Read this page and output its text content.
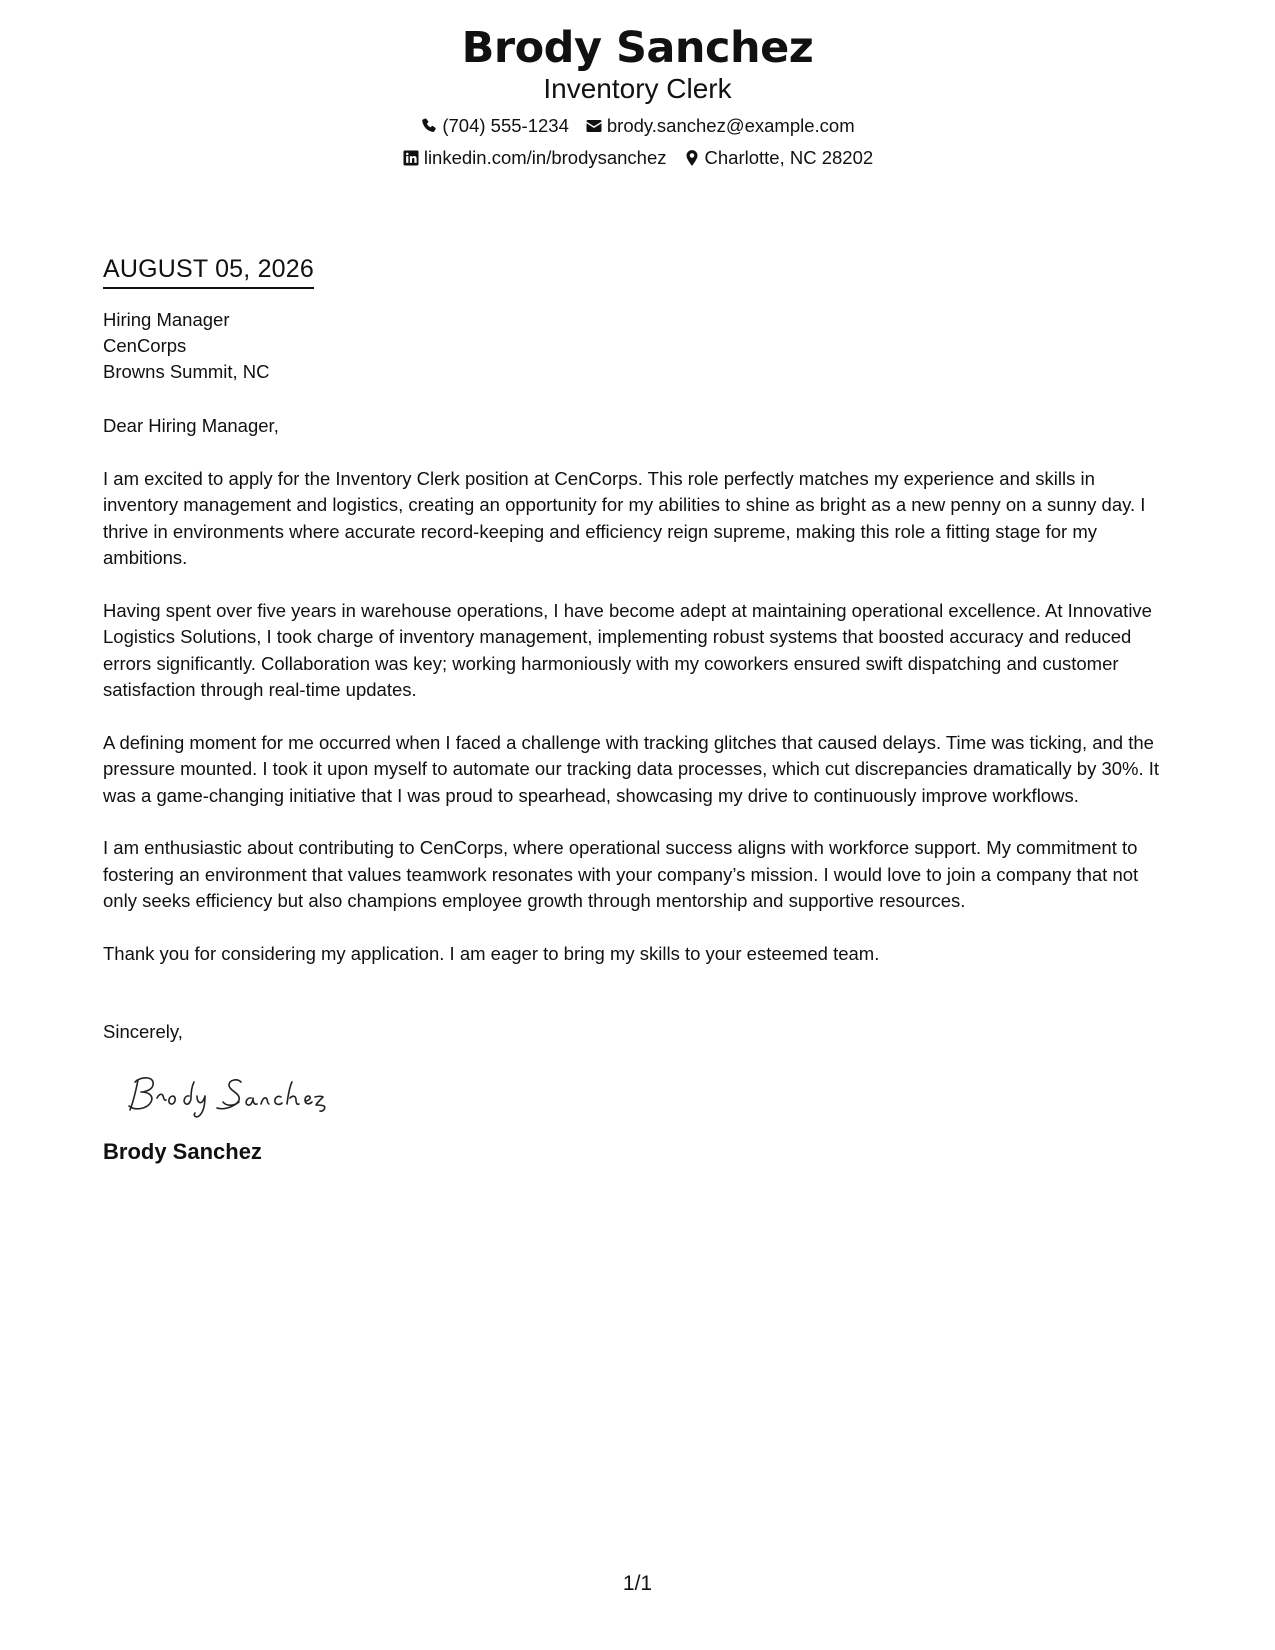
Brody Sanchez
Inventory Clerk
(704) 555-1234 brody.sanchez@example.com
linkedin.com/in/brodysanchez Charlotte, NC 28202
AUGUST 05, 2026
Hiring Manager
CenCorps
Browns Summit, NC
Dear Hiring Manager,

I am excited to apply for the Inventory Clerk position at CenCorps. This role perfectly matches my experience and skills in inventory management and logistics, creating an opportunity for my abilities to shine as bright as a new penny on a sunny day. I thrive in environments where accurate record-keeping and efficiency reign supreme, making this role a fitting stage for my ambitions.

Having spent over five years in warehouse operations, I have become adept at maintaining operational excellence. At Innovative Logistics Solutions, I took charge of inventory management, implementing robust systems that boosted accuracy and reduced errors significantly. Collaboration was key; working harmoniously with my coworkers ensured swift dispatching and customer satisfaction through real-time updates.

A defining moment for me occurred when I faced a challenge with tracking glitches that caused delays. Time was ticking, and the pressure mounted. I took it upon myself to automate our tracking data processes, which cut discrepancies dramatically by 30%. It was a game-changing initiative that I was proud to spearhead, showcasing my drive to continuously improve workflows.

I am enthusiastic about contributing to CenCorps, where operational success aligns with workforce support. My commitment to fostering an environment that values teamwork resonates with your company’s mission. I would love to join a company that not only seeks efficiency but also champions employee growth through mentorship and supportive resources.

Thank you for considering my application. I am eager to bring my skills to your esteemed team.

Sincerely,
Brody Sanchez
1/1
